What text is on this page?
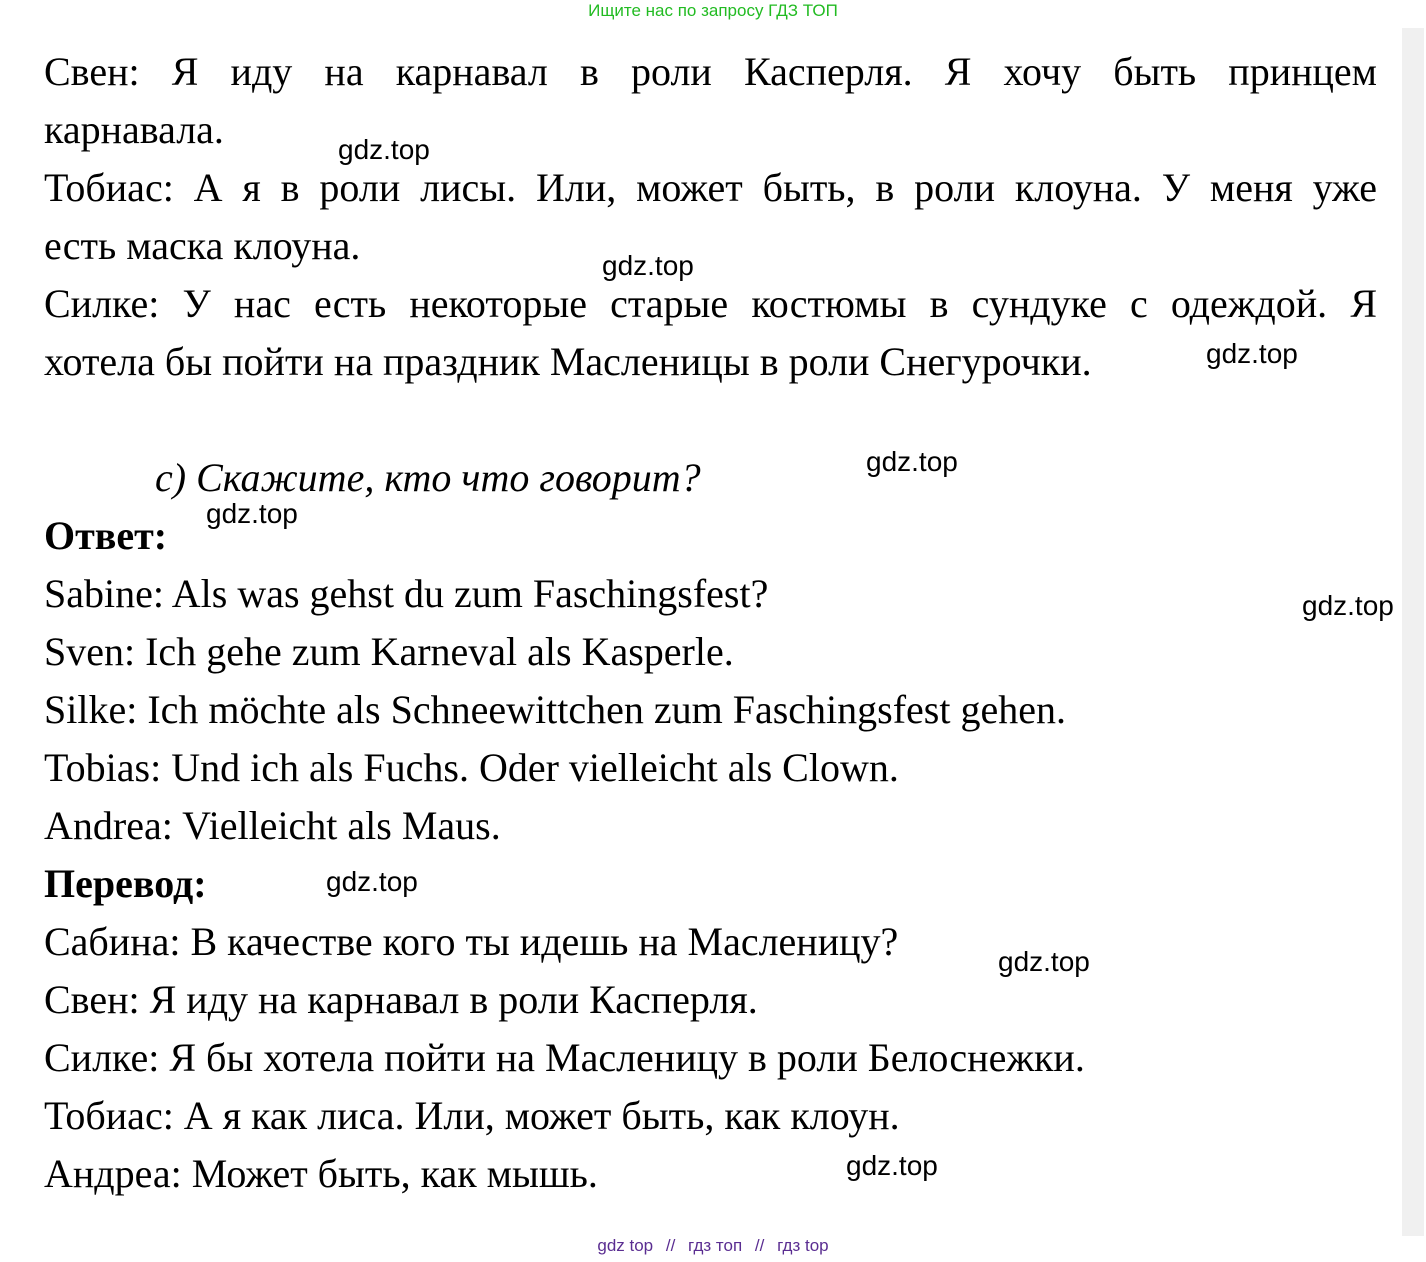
Ищите нас по запросу ГДЗ ТОП
Свен: Я иду на карнавал в роли Касперля. Я хочу быть принцем
карнавала.
Тобиас: А я в роли лисы. Или, может быть, в роли клоуна. У меня уже
есть маска клоуна.
Силке: У нас есть некоторые старые костюмы в сундуке с одеждой. Я
хотела бы пойти на праздник Масленицы в роли Снегурочки.
с) Скажите, кто что говорит?
Ответ:
Sabine: Als was gehst du zum Faschingsfest?
Sven: Ich gehe zum Karneval als Kasperle.
Silke: Ich möchte als Schneewittchen zum Faschingsfest gehen.
Tobias: Und ich als Fuchs. Oder vielleicht als Clown.
Andrea: Vielleicht als Maus.
Перевод:
Сабина: В качестве кого ты идешь на Масленицу?
Свен: Я иду на карнавал в роли Касперля.
Силке: Я бы хотела пойти на Масленицу в роли Белоснежки.
Тобиас: А я как лиса. Или, может быть, как клоун.
Андреа: Может быть, как мышь.
gdz.top
gdz.top
gdz.top
gdz.top
gdz.top
gdz.top
gdz.top
gdz.top
gdz.top
gdz top // гдз топ // гдз top
